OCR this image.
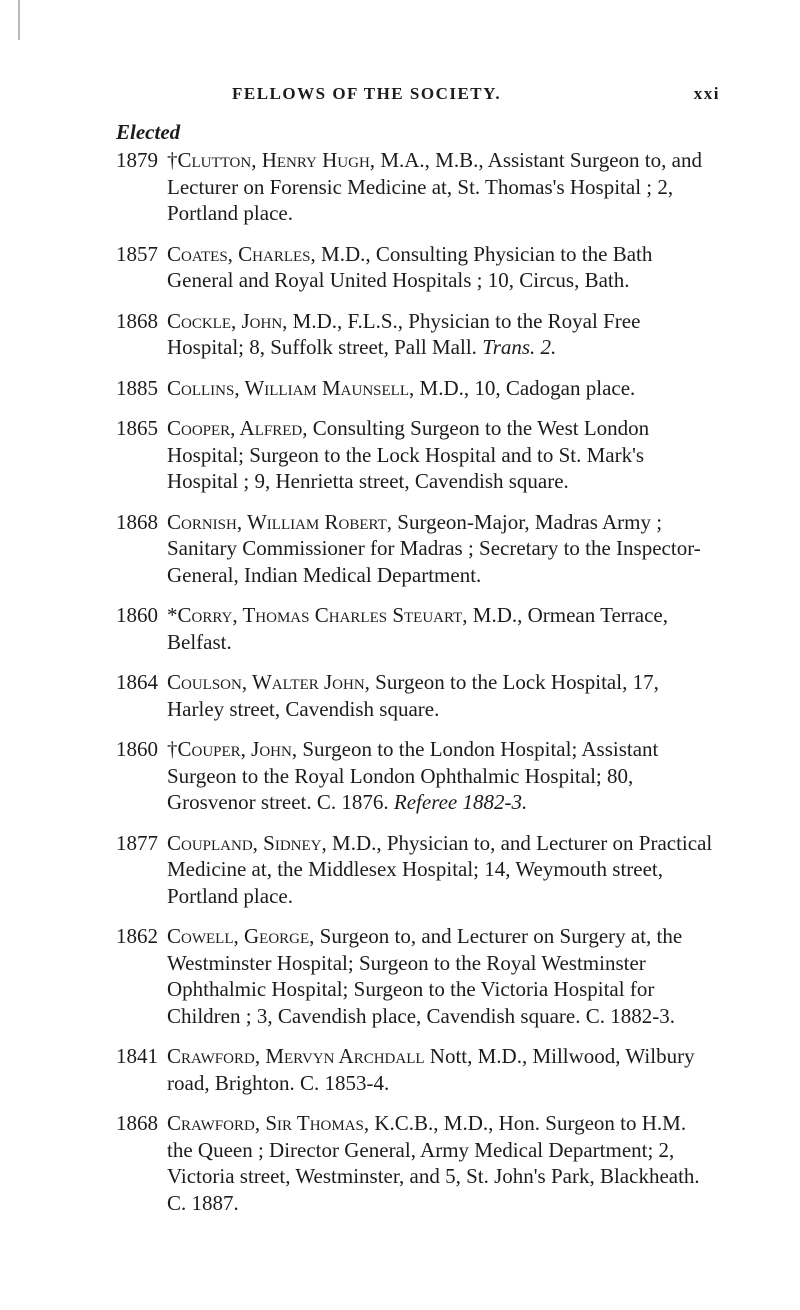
FELLOWS OF THE SOCIETY.	xxi
Elected
1879 †Clutton, Henry Hugh, M.A., M.B., Assistant Surgeon to, and Lecturer on Forensic Medicine at, St. Thomas's Hospital ; 2, Portland place.
1857 Coates, Charles, M.D., Consulting Physician to the Bath General and Royal United Hospitals ; 10, Circus, Bath.
1868 Cockle, John, M.D., F.L.S., Physician to the Royal Free Hospital; 8, Suffolk street, Pall Mall. Trans. 2.
1885 Collins, William Maunsell, M.D., 10, Cadogan place.
1865 Cooper, Alfred, Consulting Surgeon to the West London Hospital; Surgeon to the Lock Hospital and to St. Mark's Hospital ; 9, Henrietta street, Cavendish square.
1868 Cornish, William Robert, Surgeon-Major, Madras Army ; Sanitary Commissioner for Madras ; Secretary to the Inspector-General, Indian Medical Department.
1860 *Corry, Thomas Charles Steuart, M.D., Ormean Terrace, Belfast.
1864 Coulson, Walter John, Surgeon to the Lock Hospital, 17, Harley street, Cavendish square.
1860 †Couper, John, Surgeon to the London Hospital; Assistant Surgeon to the Royal London Ophthalmic Hospital; 80, Grosvenor street. C. 1876. Referee 1882-3.
1877 Coupland, Sidney, M.D., Physician to, and Lecturer on Practical Medicine at, the Middlesex Hospital; 14, Weymouth street, Portland place.
1862 Cowell, George, Surgeon to, and Lecturer on Surgery at, the Westminster Hospital; Surgeon to the Royal Westminster Ophthalmic Hospital; Surgeon to the Victoria Hospital for Children ; 3, Cavendish place, Cavendish square. C. 1882-3.
1841 Crawford, Mervyn Archdall Nott, M.D., Millwood, Wilbury road, Brighton. C. 1853-4.
1868 Crawford, Sir Thomas, K.C.B., M.D., Hon. Surgeon to H.M. the Queen ; Director General, Army Medical Department; 2, Victoria street, Westminster, and 5, St. John's Park, Blackheath. C. 1887.
